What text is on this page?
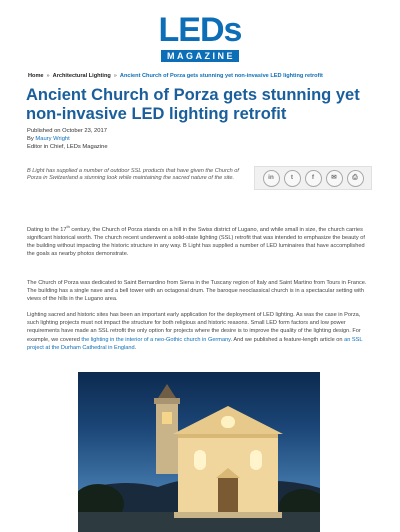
LEDs
MAGAZINE
Home » Architectural Lighting » Ancient Church of Porza gets stunning yet non-invasive LED lighting retrofit
Ancient Church of Porza gets stunning yet non-invasive LED lighting retrofit
Published on October 23, 2017
By Maury Wright
Editor in Chief, LEDs Magazine
B Light has supplied a number of outdoor SSL products that have given the Church of Porza in Switzerland a stunning look while maintaining the sacred nature of the site.	in	t	f	✉	⎙

Dating to the 17th century, the Church of Porza stands on a hill in the Swiss district of Lugano, and while small in size, the church carries significant historical worth. The church recent underwent a solid-state lighting (SSL) retrofit that was intended to emphasize the beauty of the building without impacting the historic structure in any way. B Light has supplied a number of LED luminaires that have accomplished the goals as nearby photos demonstrate.

The Church of Porza was dedicated to Saint Bernardino from Siena in the Tuscany region of Italy and Saint Martino from Tours in France. The building has a single nave and a bell tower with an octagonal drum. The baroque neoclassical church is in a spectacular setting with views of the hills in the Lugano area.

Lighting sacred and historic sites has been an important early application for the deployment of LED lighting. As was the case in Porza, such lighting projects must not impact the structure for both religious and historic reasons. Small LED form factors and low power requirements have made an SSL retrofit the only option for projects where the desire is to improve the quality of the lighting design. For example, we covered the lighting in the interior of a neo-Gothic church in Germany. And we published a feature-length article on an SSL project at the Durham Cathedral in England.
